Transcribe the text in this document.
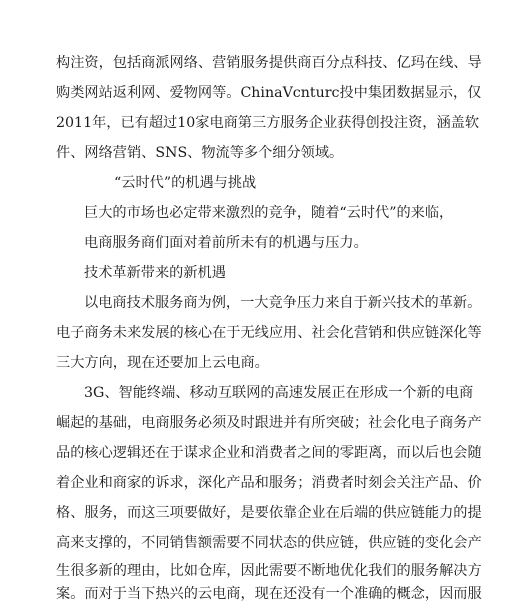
构注资，包括商派网络、营销服务提供商百分点科技、亿玛在线、导
购类网站返利网、爱物网等。ChinaVcnturc投中集团数据显示，仅
2011年，已有超过10家电商第三方服务企业获得创投注资，涵盖软
件、网络营销、SNS、物流等多个细分领域。
“云时代”的机遇与挑战
巨大的市场也必定带来激烈的竞争，随着“云时代”的来临，
电商服务商们面对着前所未有的机遇与压力。
技术革新带来的新机遇
以电商技术服务商为例，一大竞争压力来自于新兴技术的革新。
电子商务未来发展的核心在于无线应用、社会化营销和供应链深化等
三大方向，现在还要加上云电商。
3G、智能终端、移动互联网的高速发展正在形成一个新的电商
崛起的基础，电商服务必须及时跟进并有所突破；社会化电子商务产
品的核心逻辑还在于谋求企业和消费者之间的零距离，而以后也会随
着企业和商家的诉求，深化产品和服务；消费者时刻会关注产品、价
格、服务，而这三项要做好，是要依靠企业在后端的供应链能力的提
高来支撑的，不同销售额需要不同状态的供应链，供应链的变化会产
生很多新的理由，比如仓库，因此需要不断地优化我们的服务解决方
案。而对于当下热兴的云电商，现在还没有一个准确的概念，因而服
